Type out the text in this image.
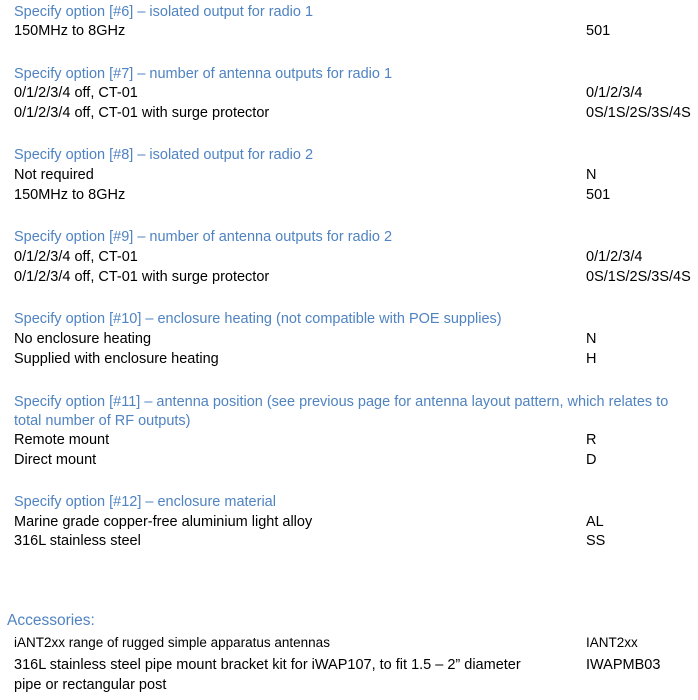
Specify option [#6] – isolated output for radio 1
150MHz to 8GHz	501
Specify option [#7] – number of antenna outputs for radio 1
0/1/2/3/4 off, CT-01	0/1/2/3/4
0/1/2/3/4 off, CT-01 with surge protector	0S/1S/2S/3S/4S
Specify option [#8] – isolated output for radio 2
Not required	N
150MHz to 8GHz	501
Specify option [#9] – number of antenna outputs for radio 2
0/1/2/3/4 off, CT-01	0/1/2/3/4
0/1/2/3/4 off, CT-01 with surge protector	0S/1S/2S/3S/4S
Specify option [#10] – enclosure heating (not compatible with POE supplies)
No enclosure heating	N
Supplied with enclosure heating	H
Specify option [#11] – antenna position (see previous page for antenna layout pattern, which relates to total number of RF outputs)
Remote mount	R
Direct mount	D
Specify option [#12] – enclosure material
Marine grade copper-free aluminium light alloy	AL
316L stainless steel	SS
Accessories:
iANT2xx range of rugged simple apparatus antennas	IANT2xx
316L stainless steel pipe mount bracket kit for iWAP107, to fit 1.5 – 2” diameter	IWAPMB03
pipe or rectangular post
